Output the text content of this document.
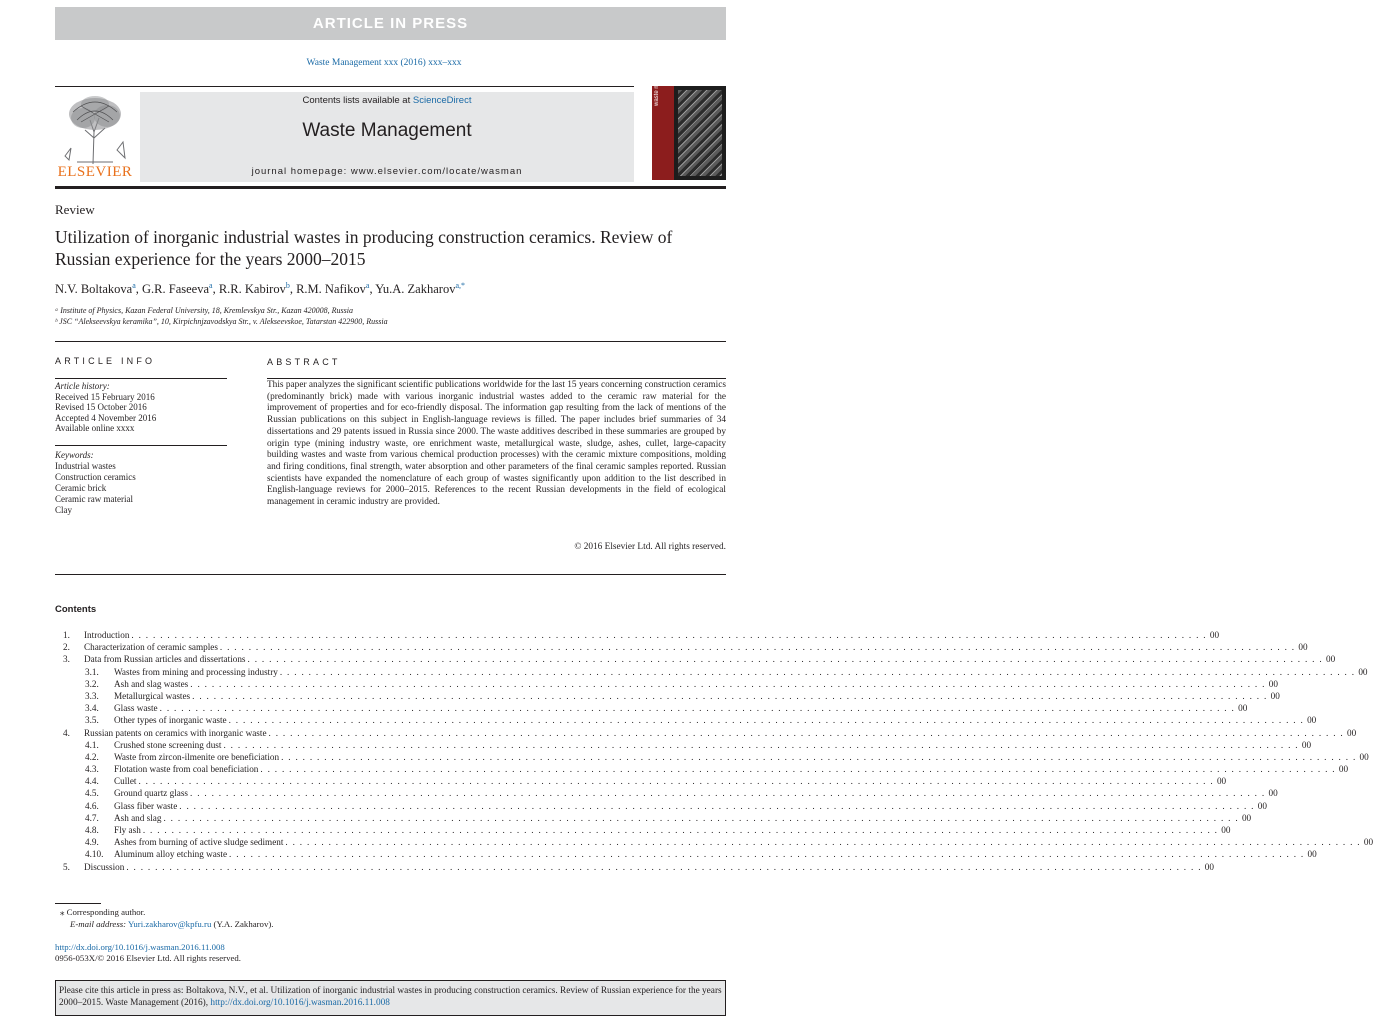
ARTICLE IN PRESS
Waste Management xxx (2016) xxx–xxx
ELSEVIER
Contents lists available at ScienceDirect
Waste Management
journal homepage: www.elsevier.com/locate/wasman
waste management
Review
Utilization of inorganic industrial wastes in producing construction ceramics. Review of Russian experience for the years 2000–2015
N.V. Boltakova$^a$, G.R. Faseeva$^a$, R.R. Kabirov$^b$, R.M. Nafikov$^a$, Yu.A. Zakharov$^{a,*}$
ᵃ Institute of Physics, Kazan Federal University, 18, Kremlevskya Str., Kazan 420008, Russia
ᵇ JSC “Alekseevskya keramika”, 10, Kirpichnjzavodskya Str., v. Alekseevskoe, Tatarstan 422900, Russia
ARTICLE INFO	ABSTRACT
Article history:
Received 15 February 2016
Revised 15 October 2016
Accepted 4 November 2016
Available online xxxx
Keywords:
Industrial wastes
Construction ceramics
Ceramic brick
Ceramic raw material
Clay
This paper analyzes the significant scientific publications worldwide for the last 15 years concerning construction ceramics (predominantly brick) made with various inorganic industrial wastes added to the ceramic raw material for the improvement of properties and for eco-friendly disposal. The information gap resulting from the lack of mentions of the Russian publications on this subject in English-language reviews is filled. The paper includes brief summaries of 34 dissertations and 29 patents issued in Russia since 2000. The waste additives described in these summaries are grouped by origin type (mining industry waste, ore enrichment waste, metallurgical waste, sludge, ashes, cullet, large-capacity building wastes and waste from various chemical production processes) with the ceramic mixture compositions, molding and firing conditions, final strength, water absorption and other parameters of the final ceramic samples reported. Russian scientists have expanded the nomenclature of each group of wastes significantly upon addition to the list described in English-language reviews for 2000–2015. References to the recent Russian developments in the field of ecological management in ceramic industry are provided.
© 2016 Elsevier Ltd. All rights reserved.
Contents
1. Introduction . . . . . . . . . . . . . . . . . . . . . . . . . . . . . . . . . . . . . . . . . . . . . . . . . . . . . . . . . . . . . . . . . . . . . . . . . . . . . . . . . . . . . . . . . . . . . . . . . . . . . . . . . . . . . . . . . . . . . . . . . . . . . . . . . . . . . . . . . . . . . . . . . . . . . . 00
2. Characterization of ceramic samples . . . . . . . . . . . . . . . . . . . . . . . . . . . . . . . . . . . . . . . . . . . . . . . . . . . . . . . . . . . . . . . . . . . . . . . . . . . . . . . . . . . . . . . . . . . . . . . . . . . . . . . . . . . . . . . . . . . . . . . . . . . . . . . . . . . . . . . . . . . . . . . . . . . . . . 00
3. Data from Russian articles and dissertations . . . . . . . . . . . . . . . . . . . . . . . . . . . . . . . . . . . . . . . . . . . . . . . . . . . . . . . . . . . . . . . . . . . . . . . . . . . . . . . . . . . . . . . . . . . . . . . . . . . . . . . . . . . . . . . . . . . . . . . . . . . . . . . . . . . . . . . . . . . . . . . . . . . . . . 00
3.1. Wastes from mining and processing industry . . . . . . . . . . . . . . . . . . . . . . . . . . . . . . . . . . . . . . . . . . . . . . . . . . . . . . . . . . . . . . . . . . . . . . . . . . . . . . . . . . . . . . . . . . . . . . . . . . . . . . . . . . . . . . . . . . . . . . . . . . . . . . . . . . . . . . . . . . . . . . . . . . . . . . 00
3.2. Ash and slag wastes . . . . . . . . . . . . . . . . . . . . . . . . . . . . . . . . . . . . . . . . . . . . . . . . . . . . . . . . . . . . . . . . . . . . . . . . . . . . . . . . . . . . . . . . . . . . . . . . . . . . . . . . . . . . . . . . . . . . . . . . . . . . . . . . . . . . . . . . . . . . . . . . . . . . . . 00
3.3. Metallurgical wastes . . . . . . . . . . . . . . . . . . . . . . . . . . . . . . . . . . . . . . . . . . . . . . . . . . . . . . . . . . . . . . . . . . . . . . . . . . . . . . . . . . . . . . . . . . . . . . . . . . . . . . . . . . . . . . . . . . . . . . . . . . . . . . . . . . . . . . . . . . . . . . . . . . . . . . 00
3.4. Glass waste . . . . . . . . . . . . . . . . . . . . . . . . . . . . . . . . . . . . . . . . . . . . . . . . . . . . . . . . . . . . . . . . . . . . . . . . . . . . . . . . . . . . . . . . . . . . . . . . . . . . . . . . . . . . . . . . . . . . . . . . . . . . . . . . . . . . . . . . . . . . . . . . . . . . . . 00
3.5. Other types of inorganic waste . . . . . . . . . . . . . . . . . . . . . . . . . . . . . . . . . . . . . . . . . . . . . . . . . . . . . . . . . . . . . . . . . . . . . . . . . . . . . . . . . . . . . . . . . . . . . . . . . . . . . . . . . . . . . . . . . . . . . . . . . . . . . . . . . . . . . . . . . . . . . . . . . . . . . . 00
4. Russian patents on ceramics with inorganic waste . . . . . . . . . . . . . . . . . . . . . . . . . . . . . . . . . . . . . . . . . . . . . . . . . . . . . . . . . . . . . . . . . . . . . . . . . . . . . . . . . . . . . . . . . . . . . . . . . . . . . . . . . . . . . . . . . . . . . . . . . . . . . . . . . . . . . . . . . . . . . . . . . . . . . . 00
4.1. Crushed stone screening dust . . . . . . . . . . . . . . . . . . . . . . . . . . . . . . . . . . . . . . . . . . . . . . . . . . . . . . . . . . . . . . . . . . . . . . . . . . . . . . . . . . . . . . . . . . . . . . . . . . . . . . . . . . . . . . . . . . . . . . . . . . . . . . . . . . . . . . . . . . . . . . . . . . . . . . 00
4.2. Waste from zircon-ilmenite ore beneficiation . . . . . . . . . . . . . . . . . . . . . . . . . . . . . . . . . . . . . . . . . . . . . . . . . . . . . . . . . . . . . . . . . . . . . . . . . . . . . . . . . . . . . . . . . . . . . . . . . . . . . . . . . . . . . . . . . . . . . . . . . . . . . . . . . . . . . . . . . . . . . . . . . . . . . . 00
4.3. Flotation waste from coal beneficiation . . . . . . . . . . . . . . . . . . . . . . . . . . . . . . . . . . . . . . . . . . . . . . . . . . . . . . . . . . . . . . . . . . . . . . . . . . . . . . . . . . . . . . . . . . . . . . . . . . . . . . . . . . . . . . . . . . . . . . . . . . . . . . . . . . . . . . . . . . . . . . . . . . . . . . 00
4.4. Cullet . . . . . . . . . . . . . . . . . . . . . . . . . . . . . . . . . . . . . . . . . . . . . . . . . . . . . . . . . . . . . . . . . . . . . . . . . . . . . . . . . . . . . . . . . . . . . . . . . . . . . . . . . . . . . . . . . . . . . . . . . . . . . . . . . . . . . . . . . . . . . . . . . . . . . . 00
4.5. Ground quartz glass . . . . . . . . . . . . . . . . . . . . . . . . . . . . . . . . . . . . . . . . . . . . . . . . . . . . . . . . . . . . . . . . . . . . . . . . . . . . . . . . . . . . . . . . . . . . . . . . . . . . . . . . . . . . . . . . . . . . . . . . . . . . . . . . . . . . . . . . . . . . . . . . . . . . . . 00
4.6. Glass fiber waste . . . . . . . . . . . . . . . . . . . . . . . . . . . . . . . . . . . . . . . . . . . . . . . . . . . . . . . . . . . . . . . . . . . . . . . . . . . . . . . . . . . . . . . . . . . . . . . . . . . . . . . . . . . . . . . . . . . . . . . . . . . . . . . . . . . . . . . . . . . . . . . . . . . . . . 00
4.7. Ash and slag . . . . . . . . . . . . . . . . . . . . . . . . . . . . . . . . . . . . . . . . . . . . . . . . . . . . . . . . . . . . . . . . . . . . . . . . . . . . . . . . . . . . . . . . . . . . . . . . . . . . . . . . . . . . . . . . . . . . . . . . . . . . . . . . . . . . . . . . . . . . . . . . . . . . . . 00
4.8. Fly ash . . . . . . . . . . . . . . . . . . . . . . . . . . . . . . . . . . . . . . . . . . . . . . . . . . . . . . . . . . . . . . . . . . . . . . . . . . . . . . . . . . . . . . . . . . . . . . . . . . . . . . . . . . . . . . . . . . . . . . . . . . . . . . . . . . . . . . . . . . . . . . . . . . . . . . 00
4.9. Ashes from burning of active sludge sediment . . . . . . . . . . . . . . . . . . . . . . . . . . . . . . . . . . . . . . . . . . . . . . . . . . . . . . . . . . . . . . . . . . . . . . . . . . . . . . . . . . . . . . . . . . . . . . . . . . . . . . . . . . . . . . . . . . . . . . . . . . . . . . . . . . . . . . . . . . . . . . . . . . . . . . 00
4.10. Aluminum alloy etching waste . . . . . . . . . . . . . . . . . . . . . . . . . . . . . . . . . . . . . . . . . . . . . . . . . . . . . . . . . . . . . . . . . . . . . . . . . . . . . . . . . . . . . . . . . . . . . . . . . . . . . . . . . . . . . . . . . . . . . . . . . . . . . . . . . . . . . . . . . . . . . . . . . . . . . . 00
5. Discussion . . . . . . . . . . . . . . . . . . . . . . . . . . . . . . . . . . . . . . . . . . . . . . . . . . . . . . . . . . . . . . . . . . . . . . . . . . . . . . . . . . . . . . . . . . . . . . . . . . . . . . . . . . . . . . . . . . . . . . . . . . . . . . . . . . . . . . . . . . . . . . . . . . . . . . 00
⁎ Corresponding author.
E-mail address: Yuri.zakharov@kpfu.ru (Y.A. Zakharov).
http://dx.doi.org/10.1016/j.wasman.2016.11.008
0956-053X/© 2016 Elsevier Ltd. All rights reserved.
Please cite this article in press as: Boltakova, N.V., et al. Utilization of inorganic industrial wastes in producing construction ceramics. Review of Russian experience for the years 2000–2015. Waste Management (2016), http://dx.doi.org/10.1016/j.wasman.2016.11.008
